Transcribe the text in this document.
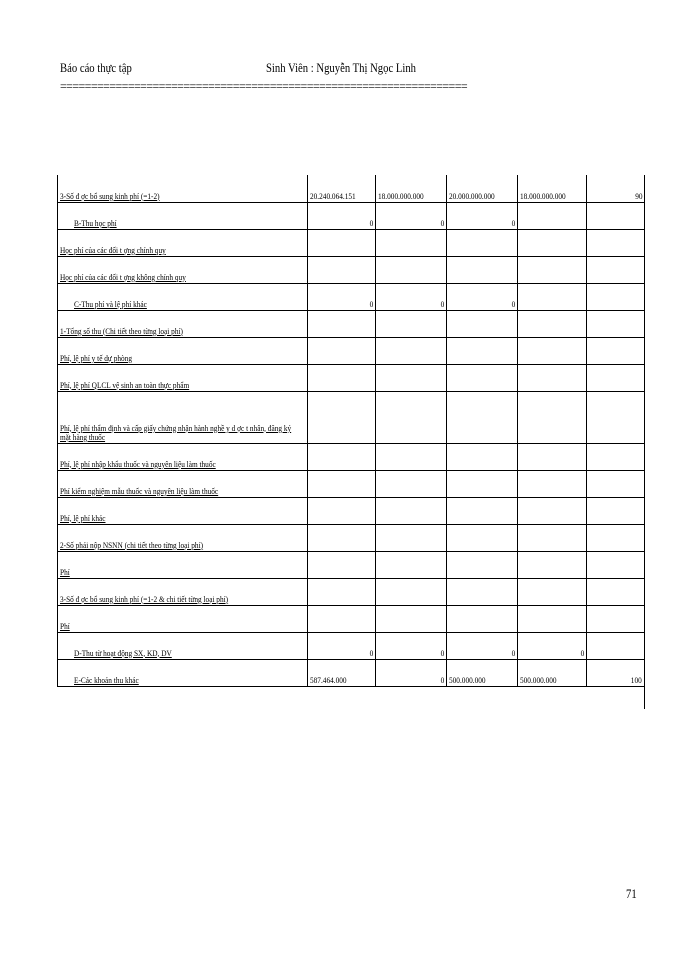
Báo cáo thực tập	Sinh Viên : Nguyễn Thị Ngọc Linh
==================================================================
3-Số đ ợc bổ sung kinh phí (=1-2)	20.240.064.151	18.000.000.000	20.000.000.000	18.000.000.000	90
B-Thu học phí	0	0	0		
Học phí của các đối t ợng chính quy					
Học phí của các đối t ợng không chính quy					
C-Thu phí và lệ phí khác	0	0	0		
1-Tổng số thu (Chi tiết theo từng loại phí)					
Phí, lệ phí y tế dự phòng					
Phí, lệ phí QLCL vệ sinh an toàn thực phẩm					
Phí, lệ phí thẩm định và cấp giấy chứng nhận hành nghề y d ợc t nhân, đăng ký mặt hàng thuốc					
Phí, lệ phí nhập khẩu thuốc và nguyên liệu làm thuốc					
Phí kiểm nghiệm mẫu thuốc và nguyên liệu làm thuốc					
Phí, lệ phí khác					
2-Số phải nộp NSNN (chi tiết theo từng loại phí)					
Phí					
3-Số đ ợc bổ sung kinh phí (=1-2 & chi tiết từng loại phí)					
Phí					
D-Thu từ hoạt động SX, KD, DV	0	0	0	0	
E-Các khoản thu khác	587.464.000	0	500.000.000	500.000.000	100
71
